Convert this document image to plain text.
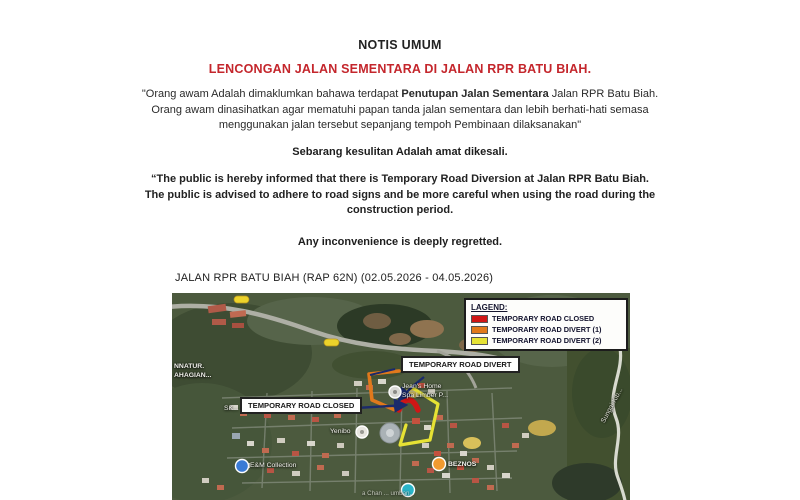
NOTIS UMUM
LENCONGAN JALAN SEMENTARA DI JALAN RPR BATU BIAH.
"Orang awam Adalah dimaklumkan bahawa terdapat Penutupan Jalan Sementara Jalan RPR Batu Biah.
Orang awam dinasihatkan agar mematuhi papan tanda jalan sementara dan lebih berhati-hati semasa
menggunakan jalan tersebut sepanjang tempoh Pembinaan dilaksanakan"
Sebarang kesulitan Adalah amat dikesali.
“The public is hereby informed that there is Temporary Road Diversion at Jalan RPR Batu Biah.
The public is advised to adhere to road signs and be more careful when using the road during the
construction period.
Any inconvenience is deeply regretted.
JALAN RPR BATU BIAH (RAP 62N) (02.05.2026 - 04.05.2026)
LAGEND:
TEMPORARY ROAD CLOSED
TEMPORARY ROAD DIVERT (1)
TEMPORARY ROAD DIVERT (2)
TEMPORARY ROAD DIVERT
TEMPORARY ROAD CLOSED
NNATUR.
AHAGIAN...
SK...
Jean's Home
Spa Limber P...
Yenibo
E&M Collection	BEZNOS
Sungai Kib...
a Chan ... umban...
